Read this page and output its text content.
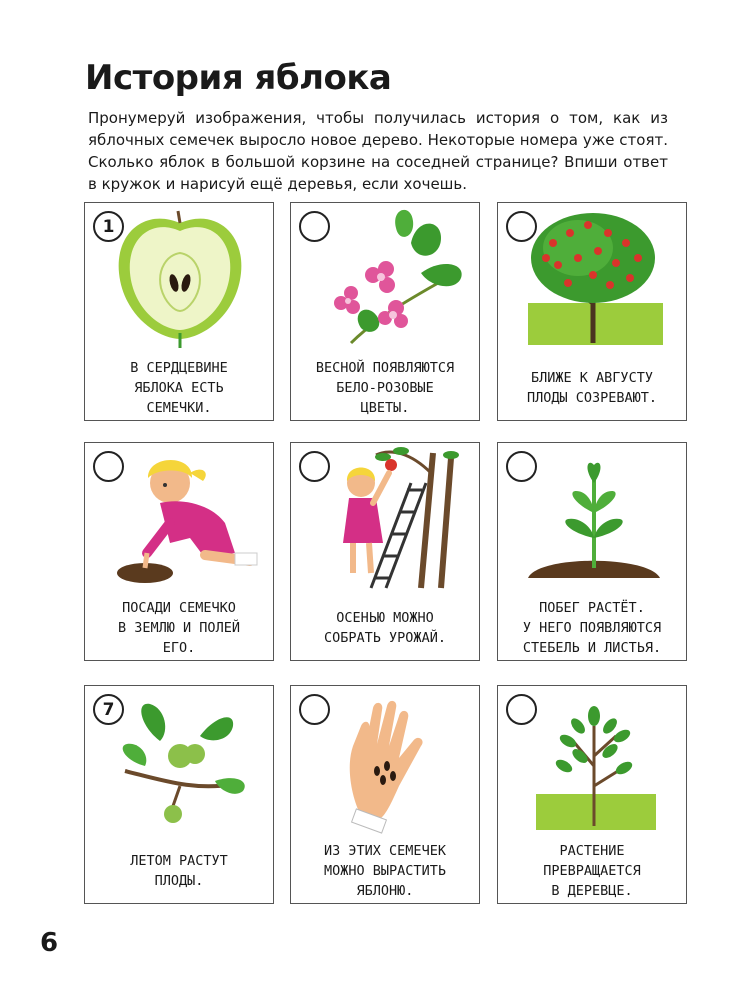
История яблока
Пронумеруй изображения, чтобы получилась история о том, как из яблочных семечек выросло новое дерево. Некоторые номера уже стоят. Сколько яблок в большой корзине на соседней странице? Впиши ответ в кружок и нарисуй ещё деревья, если хочешь.
1
В СЕРДЦЕВИНЕ
ЯБЛОКА ЕСТЬ
СЕМЕЧКИ.
ВЕСНОЙ ПОЯВЛЯЮТСЯ
БЕЛО-РОЗОВЫЕ
ЦВЕТЫ.
БЛИЖЕ К АВГУСТУ
ПЛОДЫ СОЗРЕВАЮТ.
ПОСАДИ СЕМЕЧКО
В ЗЕМЛЮ И ПОЛЕЙ
ЕГО.
ОСЕНЬЮ МОЖНО
СОБРАТЬ УРОЖАЙ.
ПОБЕГ РАСТЁТ.
У НЕГО ПОЯВЛЯЮТСЯ
СТЕБЕЛЬ И ЛИСТЬЯ.
7
ЛЕТОМ РАСТУТ
ПЛОДЫ.
ИЗ ЭТИХ СЕМЕЧЕК
МОЖНО ВЫРАСТИТЬ
ЯБЛОНЮ.
РАСТЕНИЕ
ПРЕВРАЩАЕТСЯ
В ДЕРЕВЦЕ.
6
